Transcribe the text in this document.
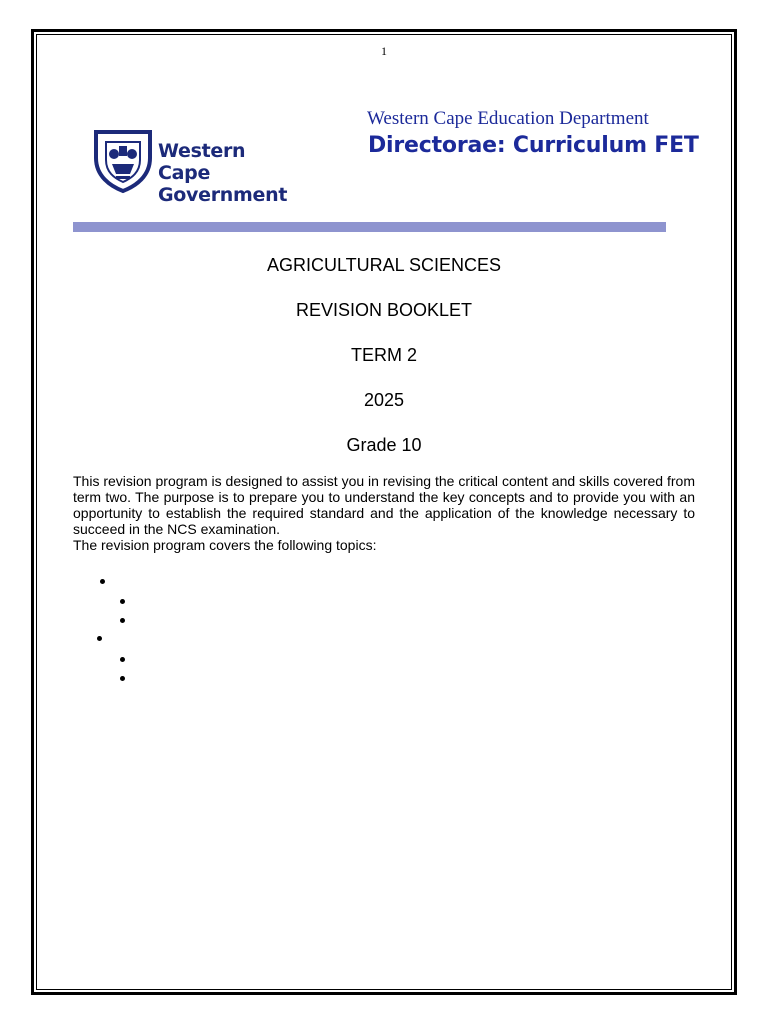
1
Western Cape
Government
Western Cape Education Department
Directorae: Curriculum FET
AGRICULTURAL SCIENCES
REVISION BOOKLET
TERM 2
2025
Grade 10

This revision program is designed to assist you in revising the critical content and skills covered from term two. The purpose is to prepare you to understand the key concepts and to provide you with an opportunity to establish the required standard and the application of the knowledge necessary to succeed in the NCS examination.

The revision program covers the following topics:
